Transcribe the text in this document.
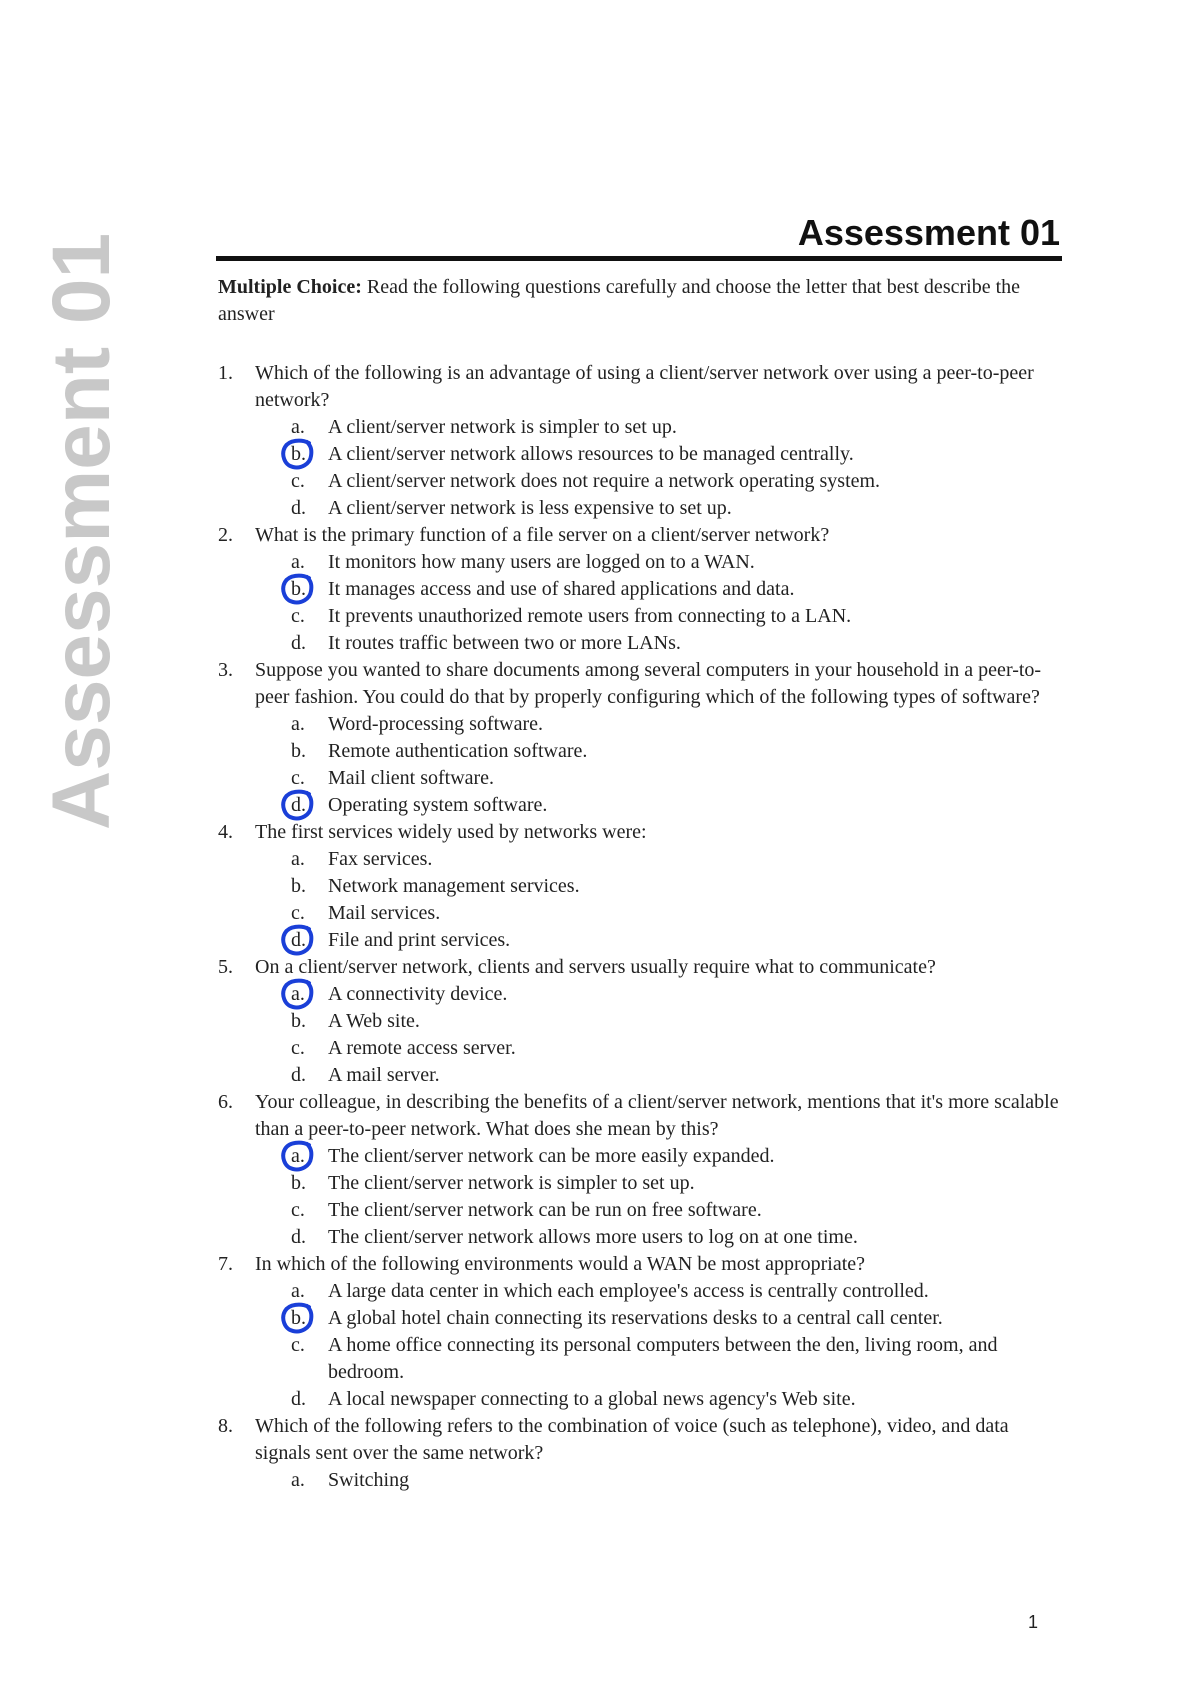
Assessment 01
Assessment 01

Multiple Choice: Read the following questions carefully and choose the letter that best describe the answer

1. Which of the following is an advantage of using a client/server network over using a peer-to-peer network?
a.	A client/server network is simpler to set up.
b.	A client/server network allows resources to be managed centrally.
c.	A client/server network does not require a network operating system.
d.	A client/server network is less expensive to set up.
2. What is the primary function of a file server on a client/server network?
a.	It monitors how many users are logged on to a WAN.
b.	It manages access and use of shared applications and data.
c.	It prevents unauthorized remote users from connecting to a LAN.
d.	It routes traffic between two or more LANs.
3. Suppose you wanted to share documents among several computers in your household in a peer-to-peer fashion. You could do that by properly configuring which of the following types of software?
a.	Word-processing software.
b.	Remote authentication software.
c.	Mail client software.
d.	Operating system software.
4. The first services widely used by networks were:
a.	Fax services.
b.	Network management services.
c.	Mail services.
d.	File and print services.
5. On a client/server network, clients and servers usually require what to communicate?
a.	A connectivity device.
b.	A Web site.
c.	A remote access server.
d.	A mail server.
6. Your colleague, in describing the benefits of a client/server network, mentions that it's more scalable than a peer-to-peer network. What does she mean by this?
a.	The client/server network can be more easily expanded.
b.	The client/server network is simpler to set up.
c.	The client/server network can be run on free software.
d.	The client/server network allows more users to log on at one time.
7. In which of the following environments would a WAN be most appropriate?
a.	A large data center in which each employee's access is centrally controlled.
b.	A global hotel chain connecting its reservations desks to a central call center.
c.	A home office connecting its personal computers between the den, living room, and bedroom.
d.	A local newspaper connecting to a global news agency's Web site.
8. Which of the following refers to the combination of voice (such as telephone), video, and data signals sent over the same network?
a.	Switching
1
